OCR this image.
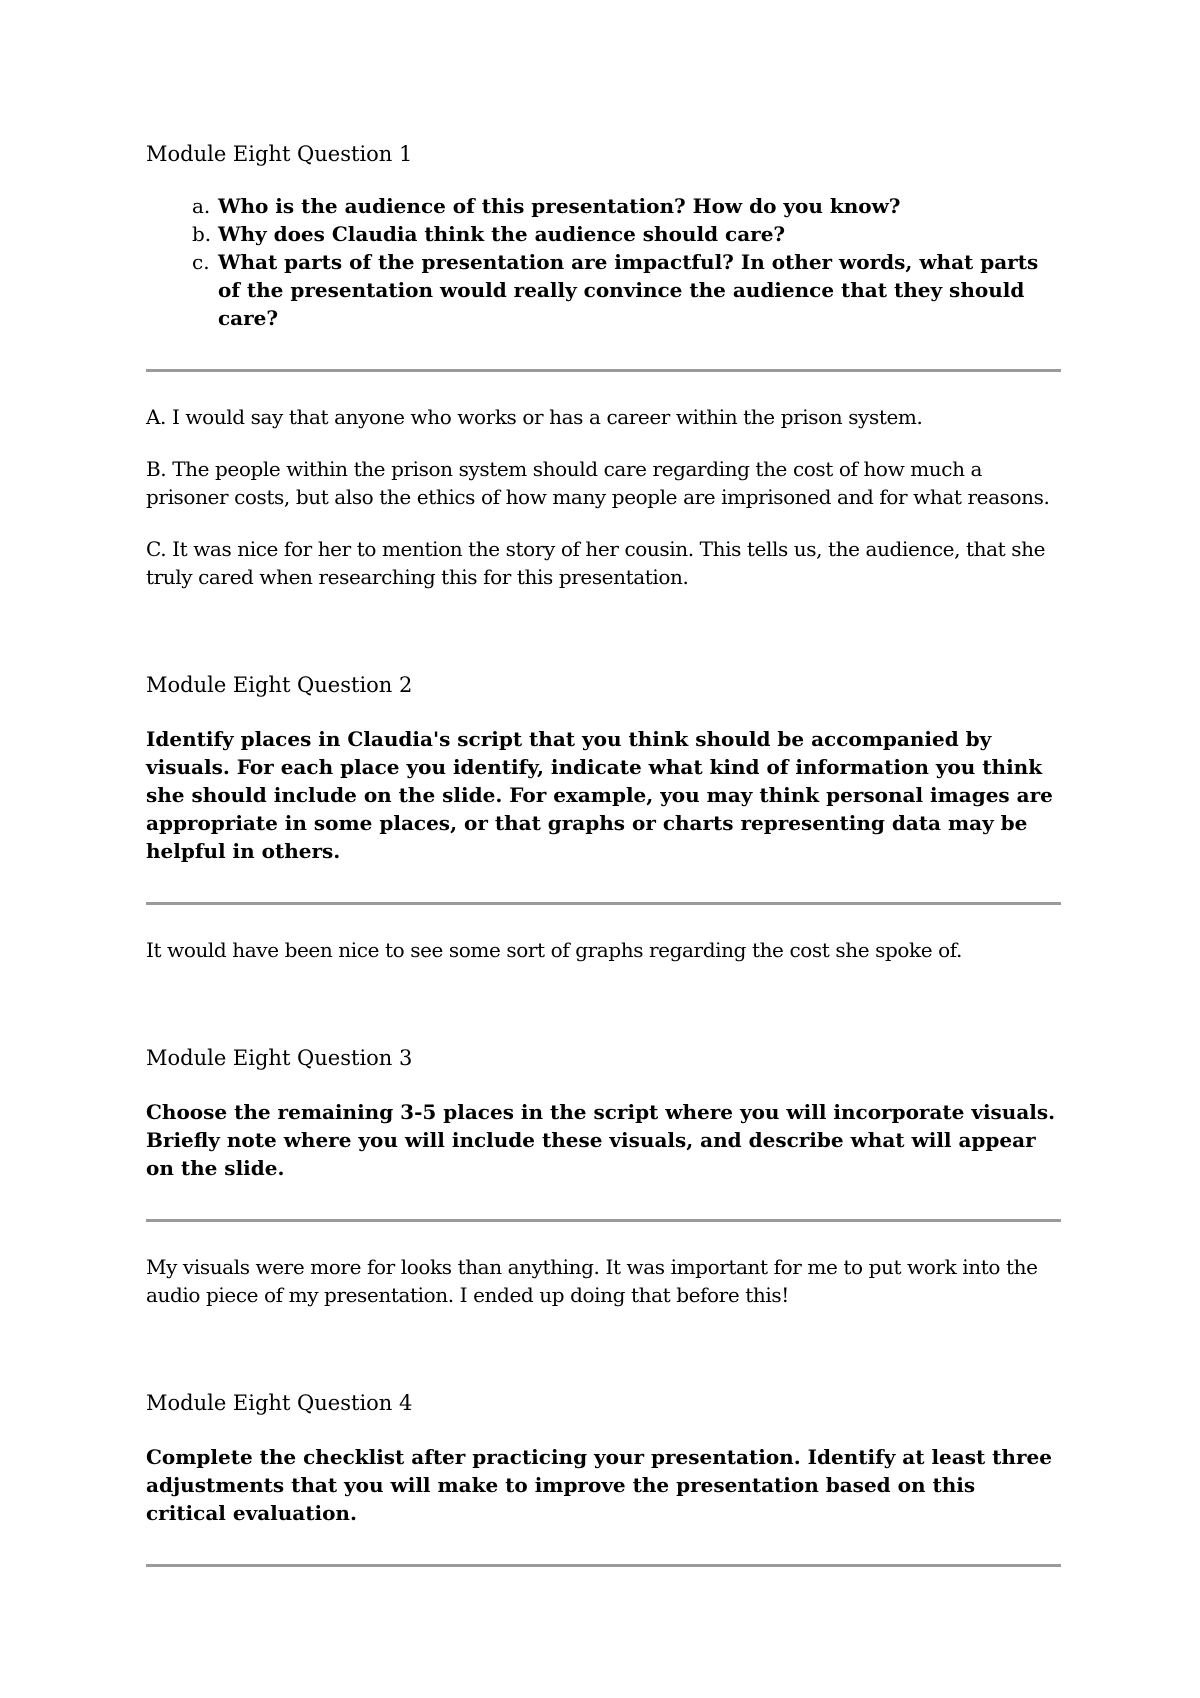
Module Eight Question 1

a. Who is the audience of this presentation? How do you know?
b. Why does Claudia think the audience should care?
c. What parts of the presentation are impactful? In other words, what parts of the presentation would really convince the audience that they should care?

A. I would say that anyone who works or has a career within the prison system.

B. The people within the prison system should care regarding the cost of how much a prisoner costs, but also the ethics of how many people are imprisoned and for what reasons.

C. It was nice for her to mention the story of her cousin. This tells us, the audience, that she truly cared when researching this for this presentation.

Module Eight Question 2

Identify places in Claudia's script that you think should be accompanied by visuals. For each place you identify, indicate what kind of information you think she should include on the slide. For example, you may think personal images are appropriate in some places, or that graphs or charts representing data may be helpful in others.

It would have been nice to see some sort of graphs regarding the cost she spoke of.

Module Eight Question 3

Choose the remaining 3-5 places in the script where you will incorporate visuals. Briefly note where you will include these visuals, and describe what will appear on the slide.

My visuals were more for looks than anything. It was important for me to put work into the audio piece of my presentation. I ended up doing that before this!

Module Eight Question 4

Complete the checklist after practicing your presentation. Identify at least three adjustments that you will make to improve the presentation based on this critical evaluation.
